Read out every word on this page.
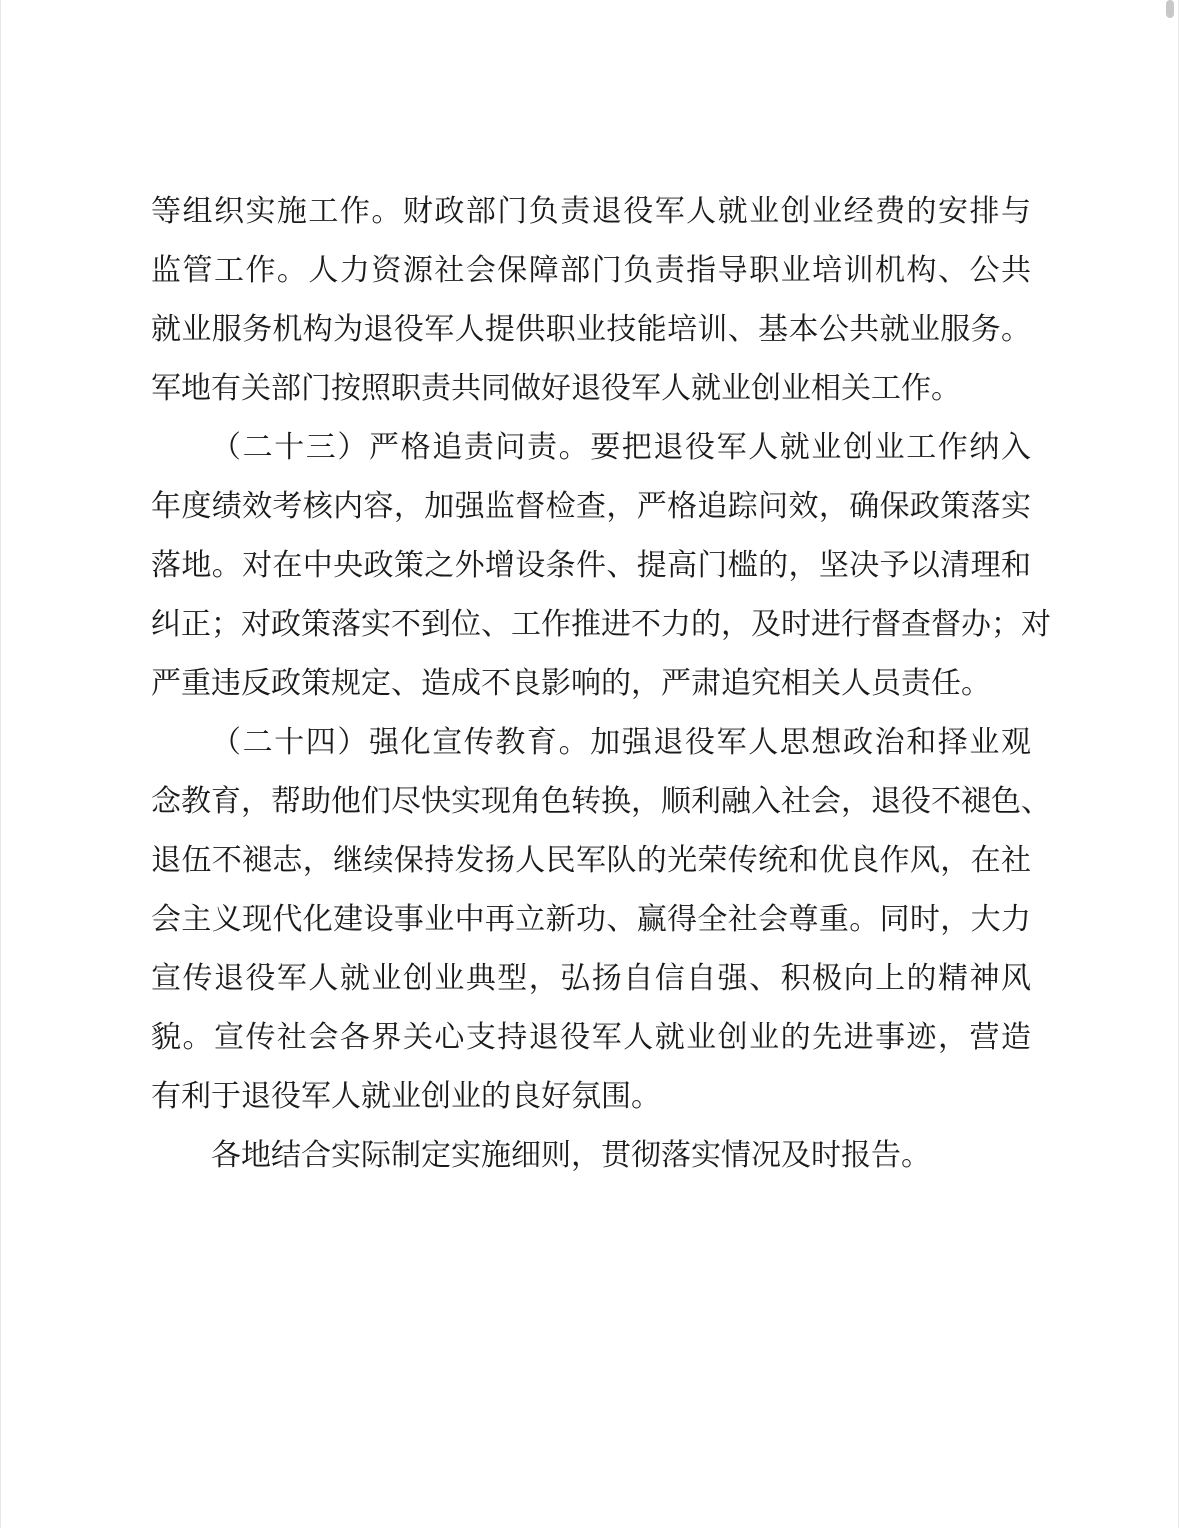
等组织实施工作。财政部门负责退役军人就业创业经费的安排与
监管工作。人力资源社会保障部门负责指导职业培训机构、公共
就业服务机构为退役军人提供职业技能培训、基本公共就业服务。
军地有关部门按照职责共同做好退役军人就业创业相关工作。
（二十三）严格追责问责。要把退役军人就业创业工作纳入
年度绩效考核内容，加强监督检查，严格追踪问效，确保政策落实
落地。对在中央政策之外增设条件、提高门槛的，坚决予以清理和
纠正；对政策落实不到位、工作推进不力的，及时进行督查督办；对
严重违反政策规定、造成不良影响的，严肃追究相关人员责任。
（二十四）强化宣传教育。加强退役军人思想政治和择业观
念教育，帮助他们尽快实现角色转换，顺利融入社会，退役不褪色、
退伍不褪志，继续保持发扬人民军队的光荣传统和优良作风，在社
会主义现代化建设事业中再立新功、赢得全社会尊重。同时，大力
宣传退役军人就业创业典型，弘扬自信自强、积极向上的精神风
貌。宣传社会各界关心支持退役军人就业创业的先进事迹，营造
有利于退役军人就业创业的良好氛围。
各地结合实际制定实施细则，贯彻落实情况及时报告。
